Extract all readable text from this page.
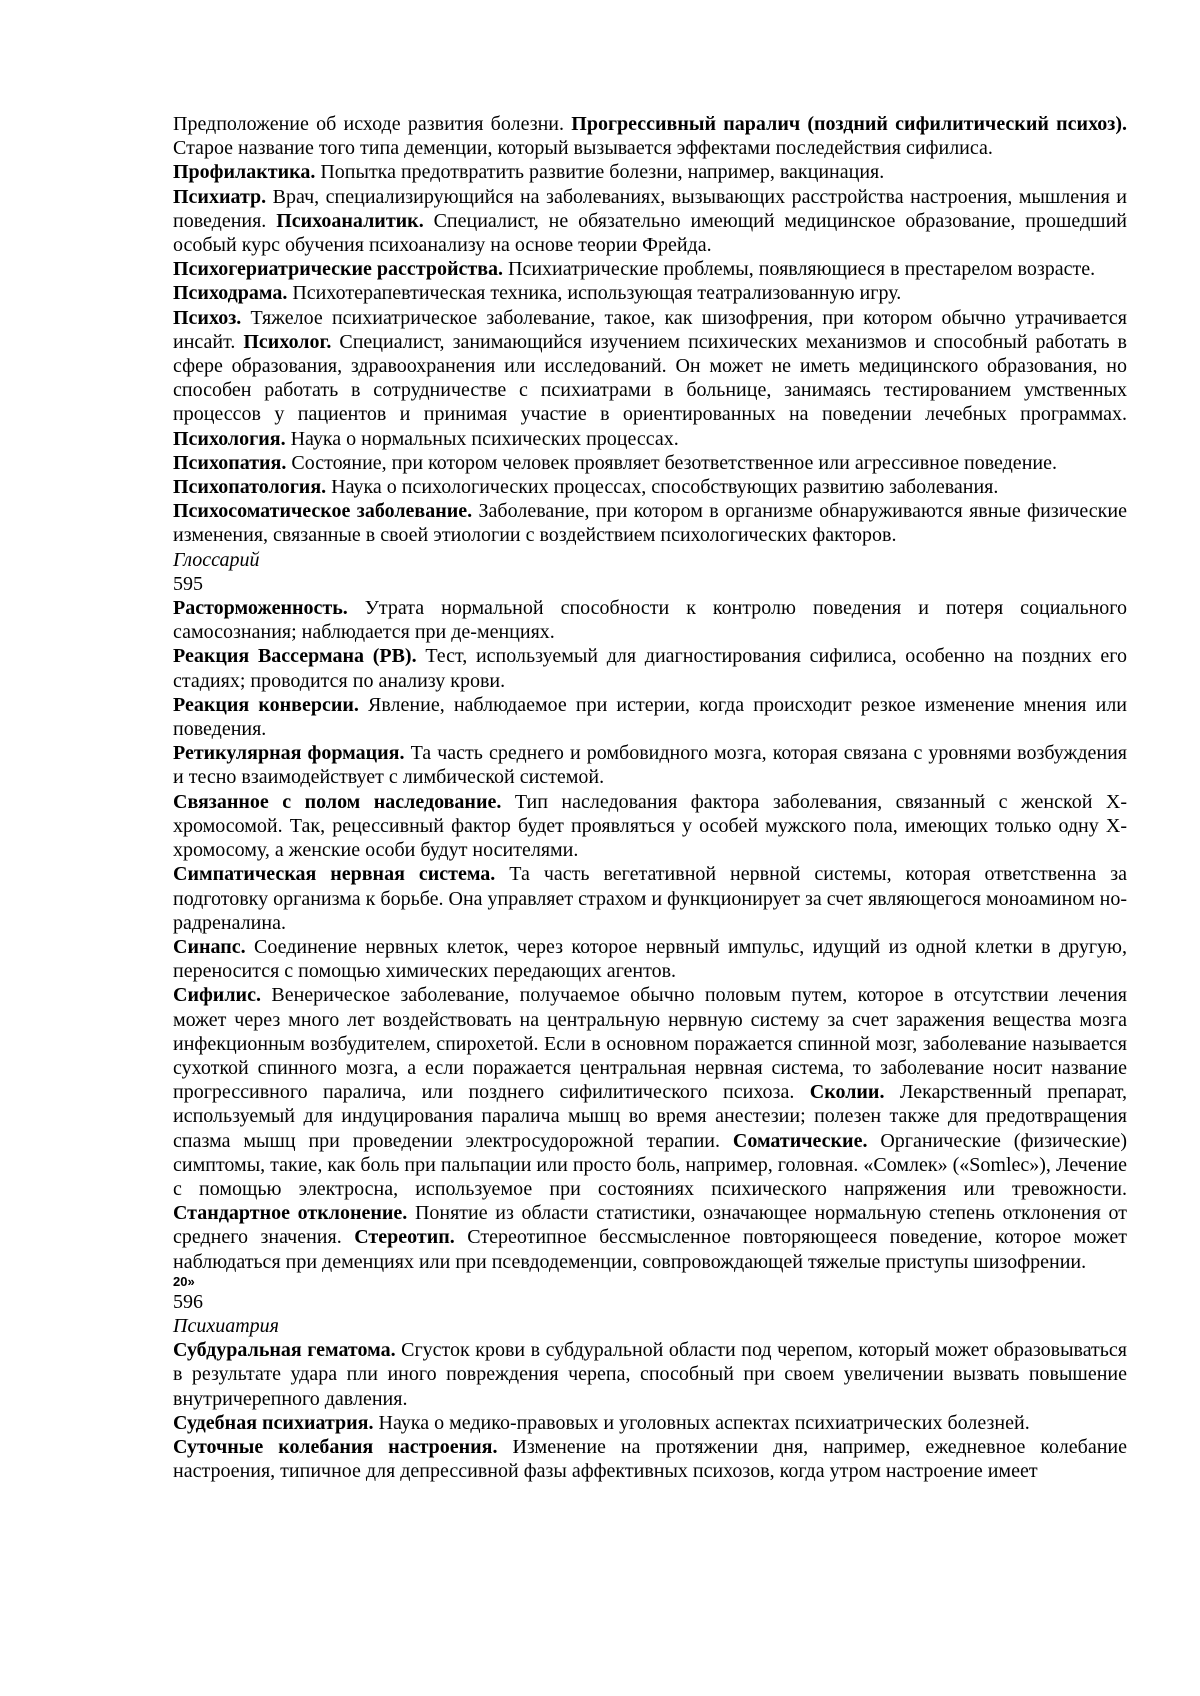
Предположение об исходе развития болезни. Прогрессивный паралич (поздний сифилитический психоз). Старое название того типа деменции, который вызывается эффектами последействия сифилиса.

Профилактика. Попытка предотвратить развитие болезни, например, вакцинация.

Психиатр. Врач, специализирующийся на заболеваниях, вызывающих расстройства настроения, мышления и поведения. Психоаналитик. Специалист, не обязательно имеющий медицинское образование, прошедший особый курс обучения психоанализу на основе теории Фрейда.

Психогериатрические расстройства. Психиатрические проблемы, появляющиеся в престарелом возрасте.

Психодрама. Психотерапевтическая техника, использующая театрализованную игру.

Психоз. Тяжелое психиатрическое заболевание, такое, как шизофрения, при котором обычно утрачивается инсайт. Психолог. Специалист, занимающийся изучением психических механизмов и способный работать в сфере образования, здравоохранения или исследований. Он может не иметь медицинского образования, но способен работать в сотрудничестве с психиатрами в больнице, занимаясь тестированием умственных процессов у пациентов и принимая участие в ориентированных на поведении лечебных программах. Психология. Наука о нормальных психических процессах.

Психопатия. Состояние, при котором человек проявляет безответственное или агрессивное поведение.

Психопатология. Наука о психологических процессах, способствующих развитию заболевания.

Психосоматическое заболевание. Заболевание, при котором в организме обнаруживаются явные физические изменения, связанные в своей этиологии с воздействием психологических факторов.

Глоссарий

595

Расторможенность. Утрата нормальной способности к контролю поведения и потеря социального самосознания; наблюдается при де-менциях.

Реакция Вассермана (РВ). Тест, используемый для диагностирования сифилиса, особенно на поздних его стадиях; проводится по анализу крови.

Реакция конверсии. Явление, наблюдаемое при истерии, когда происходит резкое изменение мнения или поведения.

Ретикулярная формация. Та часть среднего и ромбовидного мозга, которая связана с уровнями возбуждения и тесно взаимодействует с лимбической системой.

Связанное с полом наследование. Тип наследования фактора заболевания, связанный с женской Х-хромосомой. Так, рецессивный фактор будет проявляться у особей мужского пола, имеющих только одну Х-хромосому, а женские особи будут носителями.

Симпатическая нервная система. Та часть вегетативной нервной системы, которая ответственна за подготовку организма к борьбе. Она управляет страхом и функционирует за счет являющегося моноамином но-радреналина.

Синапс. Соединение нервных клеток, через которое нервный импульс, идущий из одной клетки в другую, переносится с помощью химических передающих агентов.

Сифилис. Венерическое заболевание, получаемое обычно половым путем, которое в отсутствии лечения может через много лет воздействовать на центральную нервную систему за счет заражения вещества мозга инфекционным возбудителем, спирохетой. Если в основном поражается спинной мозг, заболевание называется сухоткой спинного мозга, а если поражается центральная нервная система, то заболевание носит название прогрессивного паралича, или позднего сифилитического психоза. Сколии. Лекарственный препарат, используемый для индуцирования паралича мышц во время анестезии; полезен также для предотвращения спазма мышц при проведении электросудорожной терапии. Соматические. Органические (физические) симптомы, такие, как боль при пальпации или просто боль, например, головная. «Сомлек» («Somlec»), Лечение с помощью электросна, используемое при состояниях психического напряжения или тревожности. Стандартное отклонение. Понятие из области статистики, означающее нормальную степень отклонения от среднего значения. Стереотип. Стереотипное бессмысленное повторяющееся поведение, которое может наблюдаться при деменциях или при псевдодеменции, совпровождающей тяжелые приступы шизофрении.

20»

596

Психиатрия

Субдуральная гематома. Сгусток крови в субдуральной области под черепом, который может образовываться в результате удара пли иного повреждения черепа, способный при своем увеличении вызвать повышение внутричерепного давления.

Судебная психиатрия. Наука о медико-правовых и уголовных аспектах психиатрических болезней.

Суточные колебания настроения. Изменение на протяжении дня, например, ежедневное колебание настроения, типичное для депрессивной фазы аффективных психозов, когда утром настроение имеет
